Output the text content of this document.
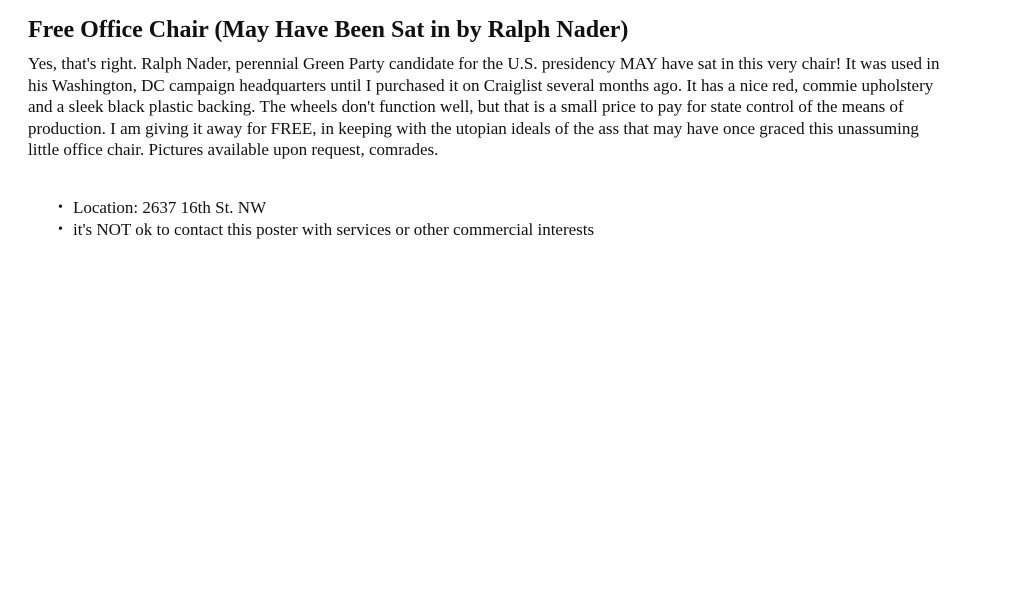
Free Office Chair (May Have Been Sat in by Ralph Nader)
Yes, that's right. Ralph Nader, perennial Green Party candidate for the U.S. presidency MAY have sat in this very chair! It was used in his Washington, DC campaign headquarters until I purchased it on Craiglist several months ago. It has a nice red, commie upholstery and a sleek black plastic backing. The wheels don't function well, but that is a small price to pay for state control of the means of production. I am giving it away for FREE, in keeping with the utopian ideals of the ass that may have once graced this unassuming little office chair. Pictures available upon request, comrades.
• Location: 2637 16th St. NW
• it's NOT ok to contact this poster with services or other commercial interests
